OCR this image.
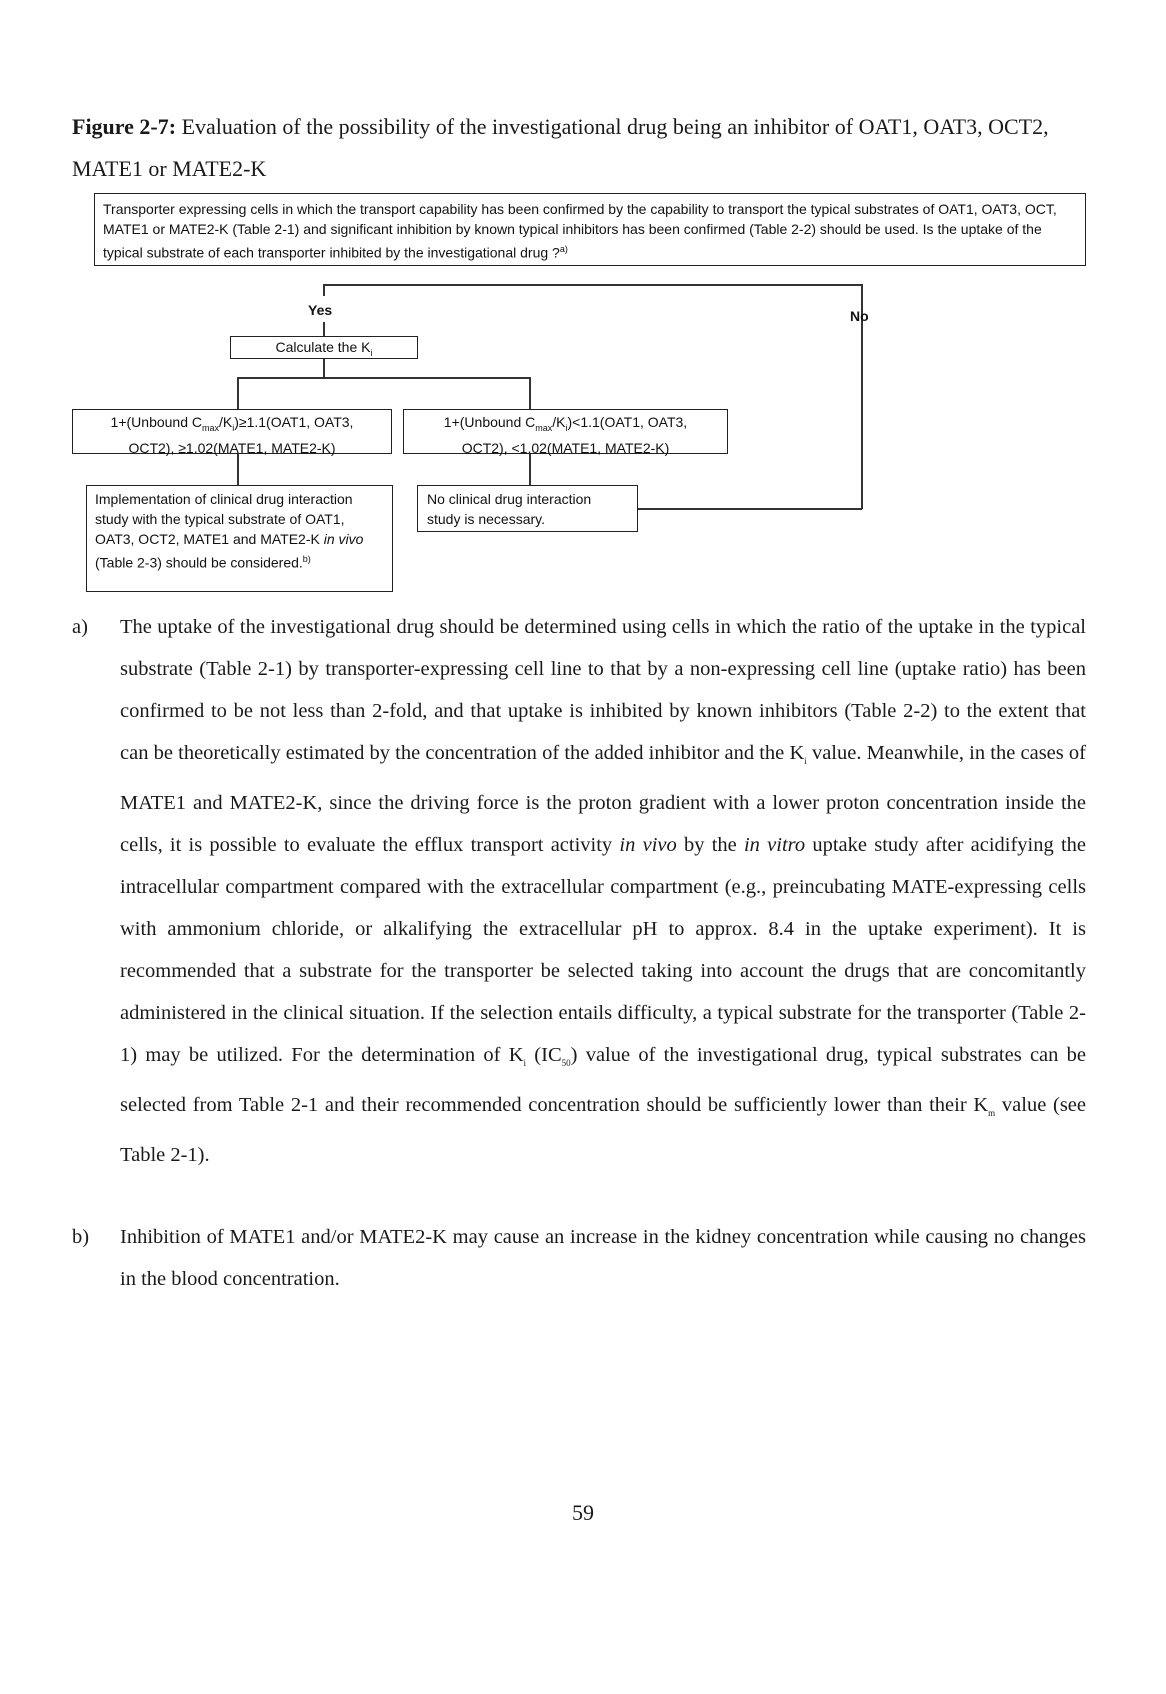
Figure 2-7: Evaluation of the possibility of the investigational drug being an inhibitor of OAT1, OAT3, OCT2, MATE1 or MATE2-K
Transporter expressing cells in which the transport capability has been confirmed by the capability to transport the typical substrates of OAT1, OAT3, OCT, MATE1 or MATE2-K (Table 2-1) and significant inhibition by known typical inhibitors has been confirmed (Table 2-2) should be used. Is the uptake of the typical substrate of each transporter inhibited by the investigational drug ?$^{a)}$
Yes	No
Calculate the $K_i$
1+(Unbound $C_{max}/K_i)\ge 1.1(OAT1$, OAT3,
OCT2), ≥1.02(MATE1, MATE2-K)
1+(Unbound $C_{max}/K_i)<1.1(OAT1$, OAT3,
OCT2), <1.02(MATE1, MATE2-K)
Implementation of clinical drug interaction study with the typical substrate of OAT1, OAT3, OCT2, MATE1 and MATE2-K in vivo (Table 2-3) should be considered.$^{b)}$
No clinical drug interaction study is necessary.
a) The uptake of the investigational drug should be determined using cells in which the ratio of the uptake in the typical substrate (Table 2-1) by transporter-expressing cell line to that by a non-expressing cell line (uptake ratio) has been confirmed to be not less than 2-fold, and that uptake is inhibited by known inhibitors (Table 2-2) to the extent that can be theoretically estimated by the concentration of the added inhibitor and the $K_i$ value. Meanwhile, in the cases of MATE1 and MATE2-K, since the driving force is the proton gradient with a lower proton concentration inside the cells, it is possible to evaluate the efflux transport activity in vivo by the in vitro uptake study after acidifying the intracellular compartment compared with the extracellular compartment (e.g., preincubating MATE-expressing cells with ammonium chloride, or alkalifying the extracellular pH to approx. 8.4 in the uptake experiment). It is recommended that a substrate for the transporter be selected taking into account the drugs that are concomitantly administered in the clinical situation. If the selection entails difficulty, a typical substrate for the transporter (Table 2-1) may be utilized. For the determination of $K_i$ $(IC_{50})$ value of the investigational drug, typical substrates can be selected from Table 2-1 and their recommended concentration should be sufficiently lower than their $K_m$ value (see Table 2-1).
b) Inhibition of MATE1 and/or MATE2-K may cause an increase in the kidney concentration while causing no changes in the blood concentration.
59
